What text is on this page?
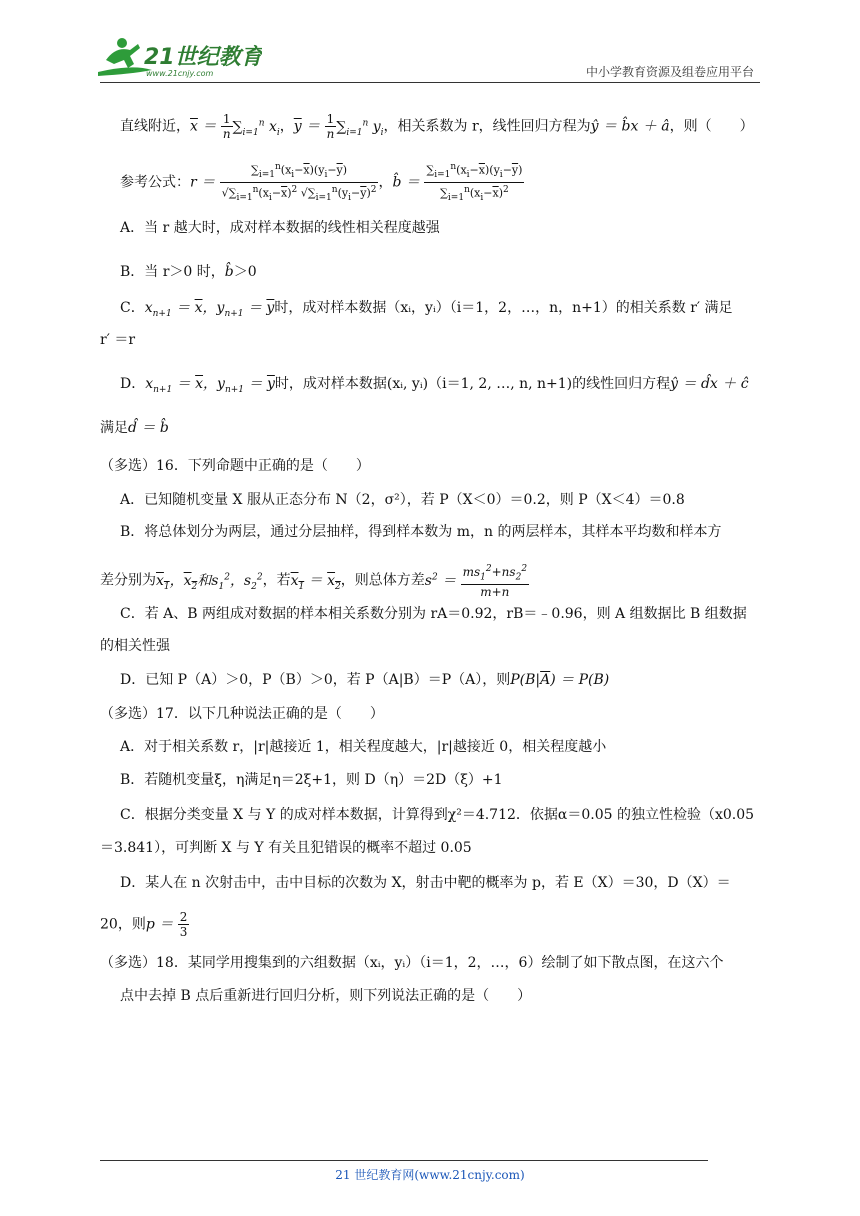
21世纪教育
www.21cnjy.com	中小学教育资源及组卷应用平台
直线附近，$\overline{x} = \frac{1}{n} \sum_{i=1}^n$ $x_i$，$\overline{y} = \frac{1}{n} \sum_{i=1}^n$ $y_i$，相关系数为 r，线性回归方程为ŷ ＝ b̂x ＋ â，则（　　）
参考公式：$r = \frac{\sum_{i=1}^n(x_i-\overline{x})(y_i-\overline{y})}{√\sum_{i=1}^n(x_i-\overline{x})^2 √\sum_{i=1}^n(y_i-\overline{y})^2}$ ，b̂ ＝ $\frac{\sum_{i=1}^n(x_i-\overline{x})(y_i-\overline{y})}{\sum_{i=1}^n(x_i-\overline{x})^2}$
A．当 r 越大时，成对样本数据的线性相关程度越强
B．当 r＞0 时，b̂＞0
C．$x_{n+1} = \overline{x}$，$y_{n+1} = \overline{y}$时，成对样本数据（xᵢ，yᵢ）（i＝1，2，…，n，n+1）的相关系数 r′ 满足
r′ ＝r
D．$x_{n+1} = \overline{x}$，$y_{n+1} = \overline{y}$时，成对样本数据(xᵢ, yᵢ)（i＝1, 2, …, n, n+1)的线性回归方程ŷ ＝ d̂x ＋ ĉ
满足d̂ ＝ b̂
（多选）16．下列命题中正确的是（　　）
A．已知随机变量 X 服从正态分布 N（2，σ²），若 P（X＜0）＝0.2，则 P（X＜4）＝0.8
B．将总体划分为两层，通过分层抽样，得到样本数为 m，n 的两层样本，其样本平均数和样本方
差分别为$x_1$，$x_2$和$s_1^2$，$s_2^2$，若$x_1 = x_2$，则总体方差$s^2 = \frac{ms_1^2+ns_2^2}{m+n}$
C．若 A、B 两组成对数据的样本相关系数分别为 rA＝0.92，rB＝﹣0.96，则 A 组数据比 B 组数据
的相关性强
D．已知 P（A）＞0，P（B）＞0，若 P（A|B）＝P（A），则$P(B|\overline{A}) = P(B)$
（多选）17．以下几种说法正确的是（　　）
A．对于相关系数 r，|r|越接近 1，相关程度越大，|r|越接近 0，相关程度越小
B．若随机变量ξ，η满足η＝2ξ+1，则 D（η）＝2D（ξ）+1
C．根据分类变量 X 与 Y 的成对样本数据，计算得到χ²＝4.712．依据α＝0.05 的独立性检验（x0.05
＝3.841），可判断 X 与 Y 有关且犯错误的概率不超过 0.05
D．某人在 n 次射击中，击中目标的次数为 X，射击中靶的概率为 p，若 E（X）＝30，D（X）＝
20，则$p = \frac{2}{3}$
（多选）18．某同学用搜集到的六组数据（xᵢ，yᵢ）（i＝1，2，…，6）绘制了如下散点图，在这六个
点中去掉 B 点后重新进行回归分析，则下列说法正确的是（　　）
21 世纪教育网(www.21cnjy.com)
